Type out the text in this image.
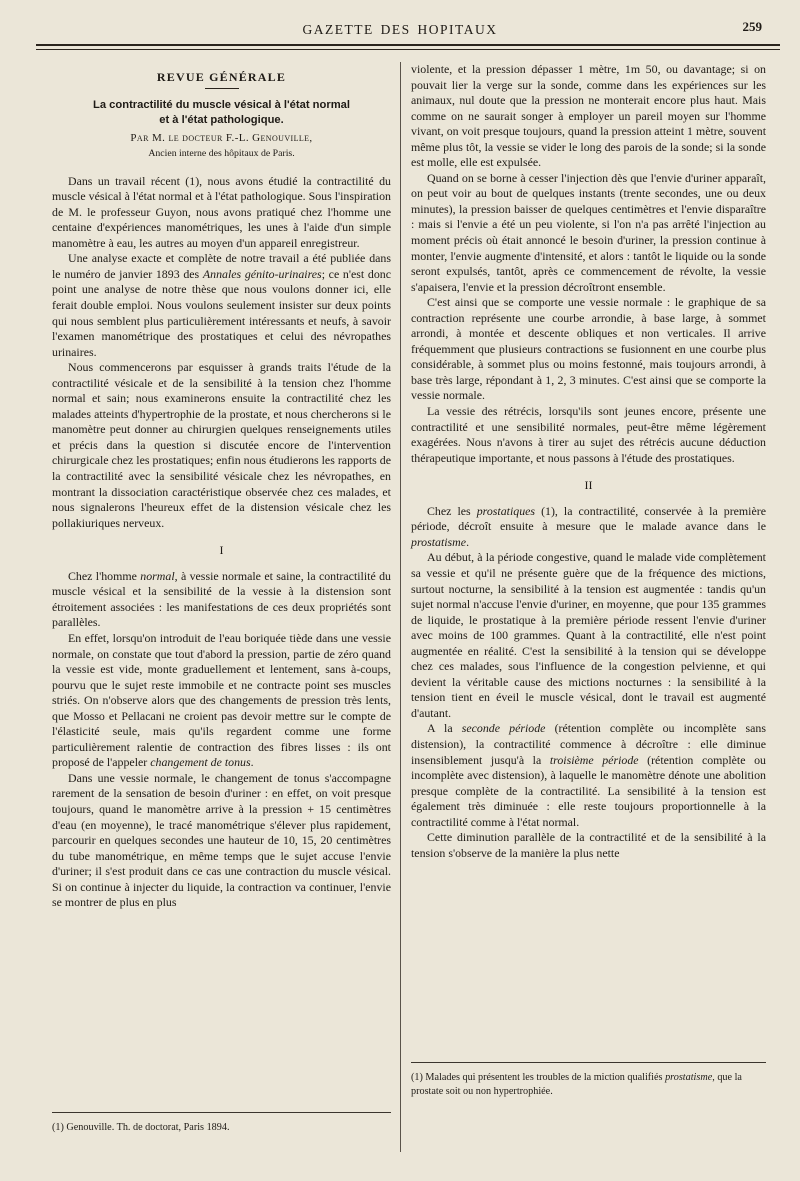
GAZETTE DES HOPITAUX	259
REVUE GÉNÉRALE
La contractilité du muscle vésical à l'état normal
et à l'état pathologique.
Par M. le docteur F.-L. Genouville,
Ancien interne des hôpitaux de Paris.

Dans un travail récent (1), nous avons étudié la contractilité du muscle vésical à l'état normal et à l'état pathologique. Sous l'inspiration de M. le professeur Guyon, nous avons pratiqué chez l'homme une centaine d'expériences manométriques, les unes à l'aide d'un simple manomètre à eau, les autres au moyen d'un appareil enregistreur.

Une analyse exacte et complète de notre travail a été publiée dans le numéro de janvier 1893 des Annales génito-urinaires; ce n'est donc point une analyse de notre thèse que nous voulons donner ici, elle ferait double emploi. Nous voulons seulement insister sur deux points qui nous semblent plus particulièrement intéressants et neufs, à savoir l'examen manométrique des prostatiques et celui des névropathes urinaires.

Nous commencerons par esquisser à grands traits l'étude de la contractilité vésicale et de la sensibilité à la tension chez l'homme normal et sain; nous examinerons ensuite la contractilité chez les malades atteints d'hypertrophie de la prostate, et nous chercherons si le manomètre peut donner au chirurgien quelques renseignements utiles et précis dans la question si discutée encore de l'intervention chirurgicale chez les prostatiques; enfin nous étudierons les rapports de la contractilité avec la sensibilité vésicale chez les névropathes, en montrant la dissociation caractéristique observée chez ces malades, et nous signalerons l'heureux effet de la distension vésicale chez les pollakiuriques nerveux.

I

Chez l'homme normal, à vessie normale et saine, la contractilité du muscle vésical et la sensibilité de la vessie à la distension sont étroitement associées : les manifestations de ces deux propriétés sont parallèles.

En effet, lorsqu'on introduit de l'eau boriquée tiède dans une vessie normale, on constate que tout d'abord la pression, partie de zéro quand la vessie est vide, monte graduellement et lentement, sans à-coups, pourvu que le sujet reste immobile et ne contracte point ses muscles striés. On n'observe alors que des changements de pression très lents, que Mosso et Pellacani ne croient pas devoir mettre sur le compte de l'élasticité seule, mais qu'ils regardent comme une forme particulièrement ralentie de contraction des fibres lisses : ils ont proposé de l'appeler changement de tonus.

Dans une vessie normale, le changement de tonus s'accompagne rarement de la sensation de besoin d'uriner : en effet, on voit presque toujours, quand le manomètre arrive à la pression + 15 centimètres d'eau (en moyenne), le tracé manométrique s'élever plus rapidement, parcourir en quelques secondes une hauteur de 10, 15, 20 centimètres du tube manométrique, en même temps que le sujet accuse l'envie d'uriner; il s'est produit dans ce cas une contraction du muscle vésical. Si on continue à injecter du liquide, la contraction va continuer, l'envie se montrer de plus en plus

(1) Genouville. Th. de doctorat, Paris 1894.

violente, et la pression dépasser 1 mètre, 1m 50, ou davantage; si on pouvait lier la verge sur la sonde, comme dans les expériences sur les animaux, nul doute que la pression ne monterait encore plus haut. Mais comme on ne saurait songer à employer un pareil moyen sur l'homme vivant, on voit presque toujours, quand la pression atteint 1 mètre, souvent même plus tôt, la vessie se vider le long des parois de la sonde; si la sonde est molle, elle est expulsée.

Quand on se borne à cesser l'injection dès que l'envie d'uriner apparaît, on peut voir au bout de quelques instants (trente secondes, une ou deux minutes), la pression baisser de quelques centimètres et l'envie disparaître : mais si l'envie a été un peu violente, si l'on n'a pas arrêté l'injection au moment précis où était annoncé le besoin d'uriner, la pression continue à monter, l'envie augmente d'intensité, et alors : tantôt le liquide ou la sonde seront expulsés, tantôt, après ce commencement de révolte, la vessie s'apaisera, l'envie et la pression décroîtront ensemble.

C'est ainsi que se comporte une vessie normale : le graphique de sa contraction représente une courbe arrondie, à base large, à sommet arrondi, à montée et descente obliques et non verticales. Il arrive fréquemment que plusieurs contractions se fusionnent en une courbe plus considérable, à sommet plus ou moins festonné, mais toujours arrondi, à base très large, répondant à 1, 2, 3 minutes. C'est ainsi que se comporte la vessie normale.

La vessie des rétrécis, lorsqu'ils sont jeunes encore, présente une contractilité et une sensibilité normales, peut-être même légèrement exagérées. Nous n'avons à tirer au sujet des rétrécis aucune déduction thérapeutique importante, et nous passons à l'étude des prostatiques.

II

Chez les prostatiques (1), la contractilité, conservée à la première période, décroît ensuite à mesure que le malade avance dans le prostatisme.

Au début, à la période congestive, quand le malade vide complètement sa vessie et qu'il ne présente guère que de la fréquence des mictions, surtout nocturne, la sensibilité à la tension est augmentée : tandis qu'un sujet normal n'accuse l'envie d'uriner, en moyenne, que pour 135 grammes de liquide, le prostatique à la première période ressent l'envie d'uriner avec moins de 100 grammes. Quant à la contractilité, elle n'est point augmentée en réalité. C'est la sensibilité à la tension qui se développe chez ces malades, sous l'influence de la congestion pelvienne, et qui devient la véritable cause des mictions nocturnes : la sensibilité à la tension tient en éveil le muscle vésical, dont le travail est augmenté d'autant.

A la seconde période (rétention complète ou incomplète sans distension), la contractilité commence à décroître : elle diminue insensiblement jusqu'à la troisième période (rétention complète ou incomplète avec distension), à laquelle le manomètre dénote une abolition presque complète de la contractilité. La sensibilité à la tension est également très diminuée : elle reste toujours proportionnelle à la contractilité comme à l'état normal.

Cette diminution parallèle de la contractilité et de la sensibilité à la tension s'observe de la manière la plus nette

(1) Malades qui présentent les troubles de la miction qualifiés prostatisme, que la prostate soit ou non hypertrophiée.
